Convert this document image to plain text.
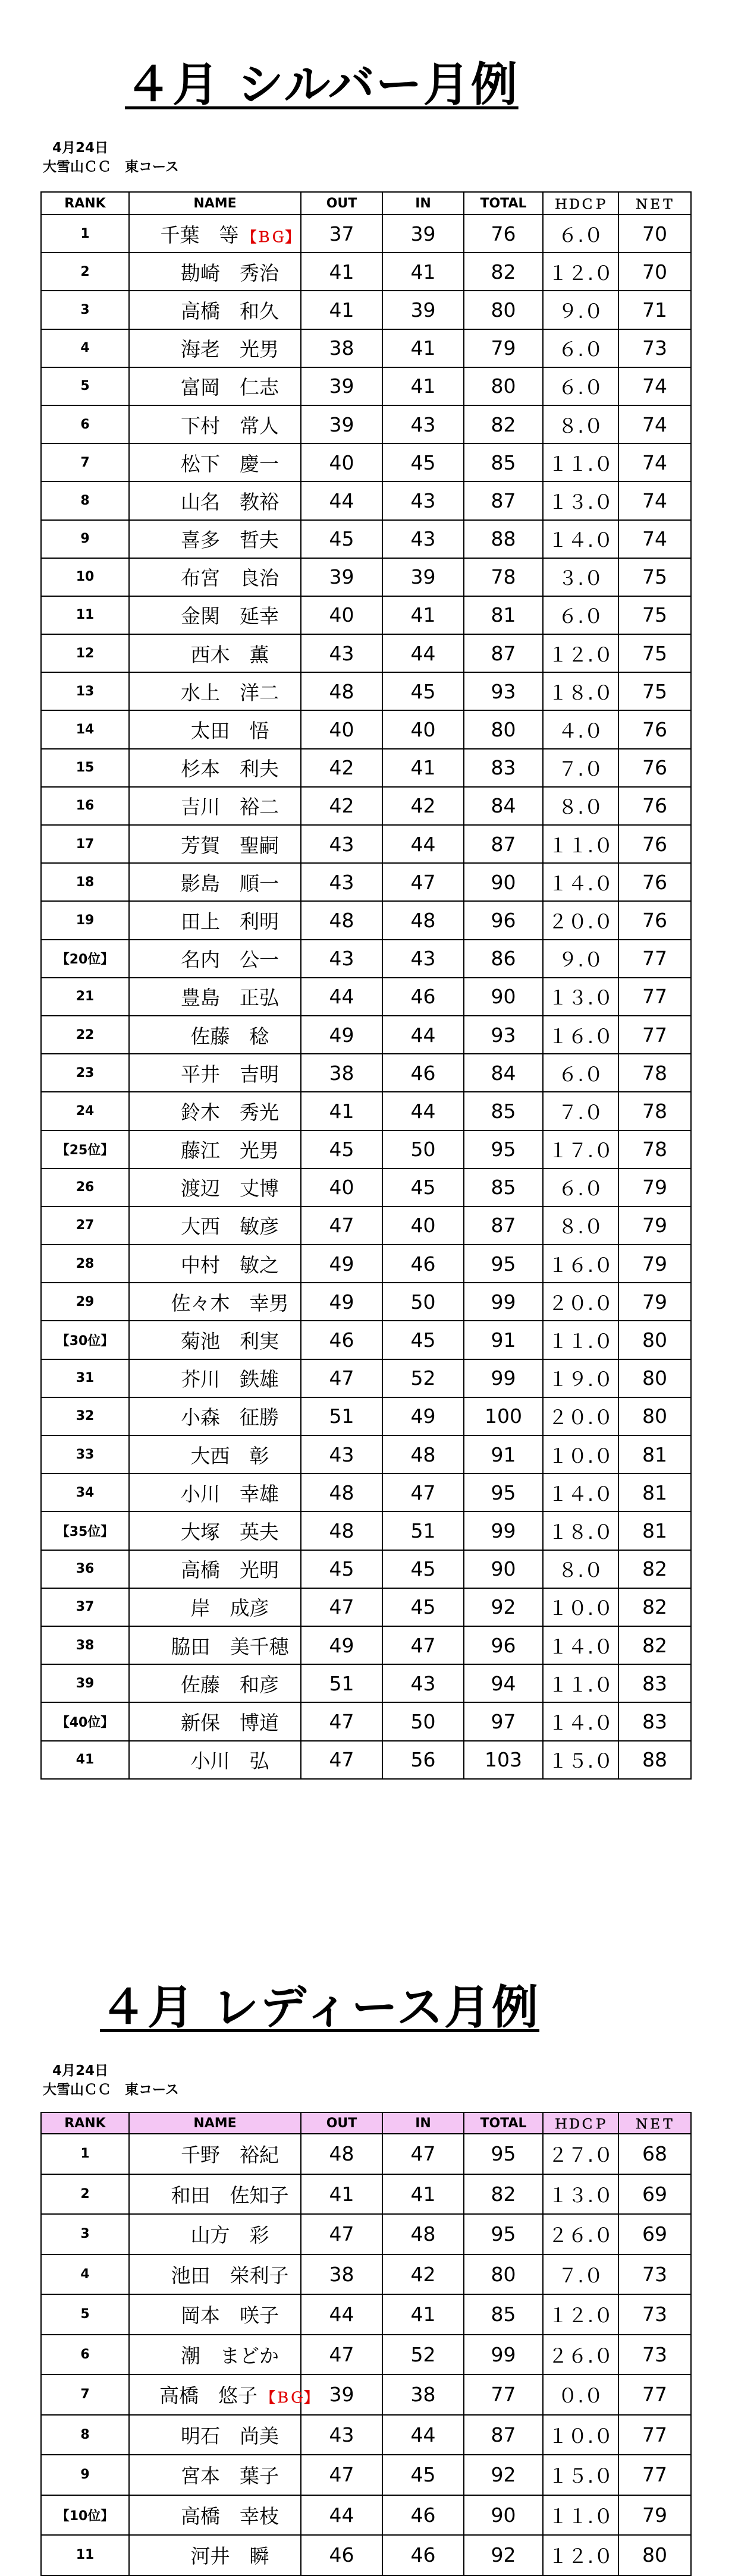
４月 シルバー月例
4月24日
大雪山ＣＣ　東コース
RANK	NAME	OUT	IN	TOTAL	ＨＤＣＰ	ＮＥＴ
1	千葉　等 【ＢＧ】	37	39	76	６.０	70
2	勘崎　秀治	41	41	82	１２.０	70
3	高橋　和久	41	39	80	９.０	71
4	海老　光男	38	41	79	６.０	73
5	富岡　仁志	39	41	80	６.０	74
6	下村　常人	39	43	82	８.０	74
7	松下　慶一	40	45	85	１１.０	74
8	山名　教裕	44	43	87	１３.０	74
9	喜多　哲夫	45	43	88	１４.０	74
10	布宮　良治	39	39	78	３.０	75
11	金関　延幸	40	41	81	６.０	75
12	西木　薫	43	44	87	１２.０	75
13	水上　洋二	48	45	93	１８.０	75
14	太田　悟	40	40	80	４.０	76
15	杉本　利夫	42	41	83	７.０	76
16	吉川　裕二	42	42	84	８.０	76
17	芳賀　聖嗣	43	44	87	１１.０	76
18	影島　順一	43	47	90	１４.０	76
19	田上　利明	48	48	96	２０.０	76
【20位】	名内　公一	43	43	86	９.０	77
21	豊島　正弘	44	46	90	１３.０	77
22	佐藤　稔	49	44	93	１６.０	77
23	平井　吉明	38	46	84	６.０	78
24	鈴木　秀光	41	44	85	７.０	78
【25位】	藤江　光男	45	50	95	１７.０	78
26	渡辺　丈博	40	45	85	６.０	79
27	大西　敏彦	47	40	87	８.０	79
28	中村　敏之	49	46	95	１６.０	79
29	佐々木　幸男	49	50	99	２０.０	79
【30位】	菊池　利実	46	45	91	１１.０	80
31	芥川　鉄雄	47	52	99	１９.０	80
32	小森　征勝	51	49	100	２０.０	80
33	大西　彰	43	48	91	１０.０	81
34	小川　幸雄	48	47	95	１４.０	81
【35位】	大塚　英夫	48	51	99	１８.０	81
36	高橋　光明	45	45	90	８.０	82
37	岸　成彦	47	45	92	１０.０	82
38	脇田　美千穂	49	47	96	１４.０	82
39	佐藤　和彦	51	43	94	１１.０	83
【40位】	新保　博道	47	50	97	１４.０	83
41	小川　弘	47	56	103	１５.０	88
４月 レディース月例
4月24日
大雪山ＣＣ　東コース
RANK	NAME	OUT	IN	TOTAL	ＨＤＣＰ	ＮＥＴ
1	千野　裕紀	48	47	95	２７.０	68
2	和田　佐知子	41	41	82	１３.０	69
3	山方　彩	47	48	95	２６.０	69
4	池田　栄利子	38	42	80	７.０	73
5	岡本　咲子	44	41	85	１２.０	73
6	潮　まどか	47	52	99	２６.０	73
7	高橋　悠子 【ＢＧ】	39	38	77	０.０	77
8	明石　尚美	43	44	87	１０.０	77
9	宮本　葉子	47	45	92	１５.０	77
【10位】	高橋　幸枝	44	46	90	１１.０	79
11	河井　瞬	46	46	92	１２.０	80
